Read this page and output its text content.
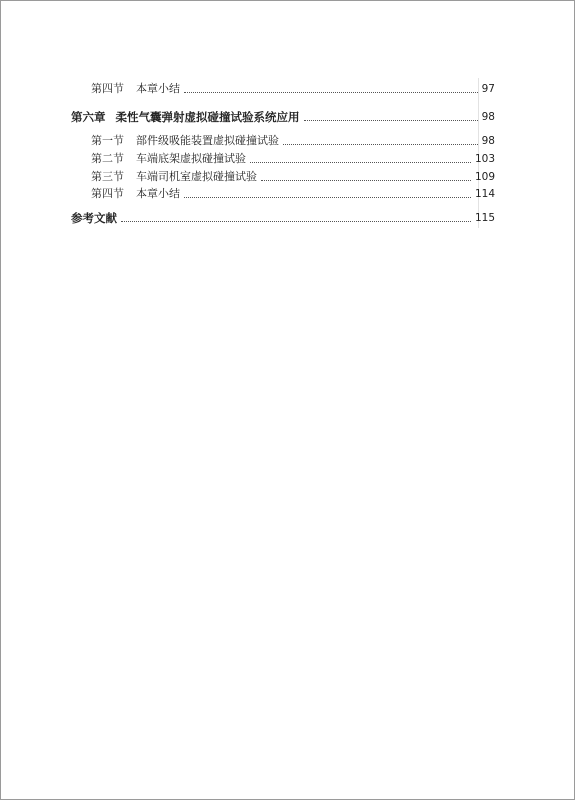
第四节 本章小结	97
第六章 柔性气囊弹射虚拟碰撞试验系统应用	98
第一节 部件级吸能装置虚拟碰撞试验	98
第二节 车端底架虚拟碰撞试验	103
第三节 车端司机室虚拟碰撞试验	109
第四节 本章小结	114
参考文献	115
